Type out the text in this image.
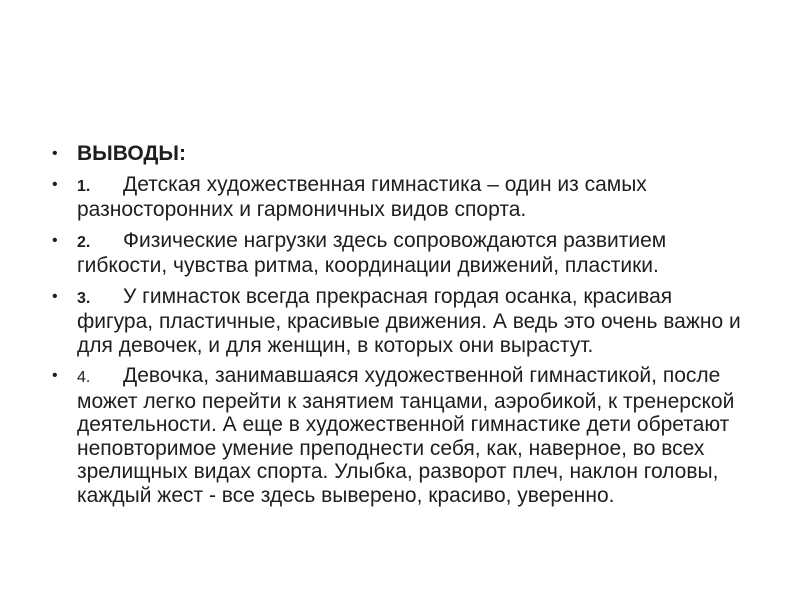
• ВЫВОДЫ:
•	1. Детская художественная гимнастика – один из самых разносторонних и гармоничных видов спорта.
•	2. Физические нагрузки здесь сопровождаются развитием гибкости, чувства ритма, координации движений, пластики.
•	3. У гимнасток всегда прекрасная гордая осанка, красивая фигура, пластичные, красивые движения. А ведь это очень важно и для девочек, и для женщин, в которых они вырастут.
•	4. Девочка, занимавшаяся художественной гимнастикой, после может легко перейти к занятием танцами, аэробикой, к тренерской деятельности. А еще в художественной гимнастике дети обретают неповторимое умение преподнести себя, как, наверное, во всех зрелищных видах спорта. Улыбка, разворот плеч, наклон головы, каждый жест - все здесь выверено, красиво, уверенно.
